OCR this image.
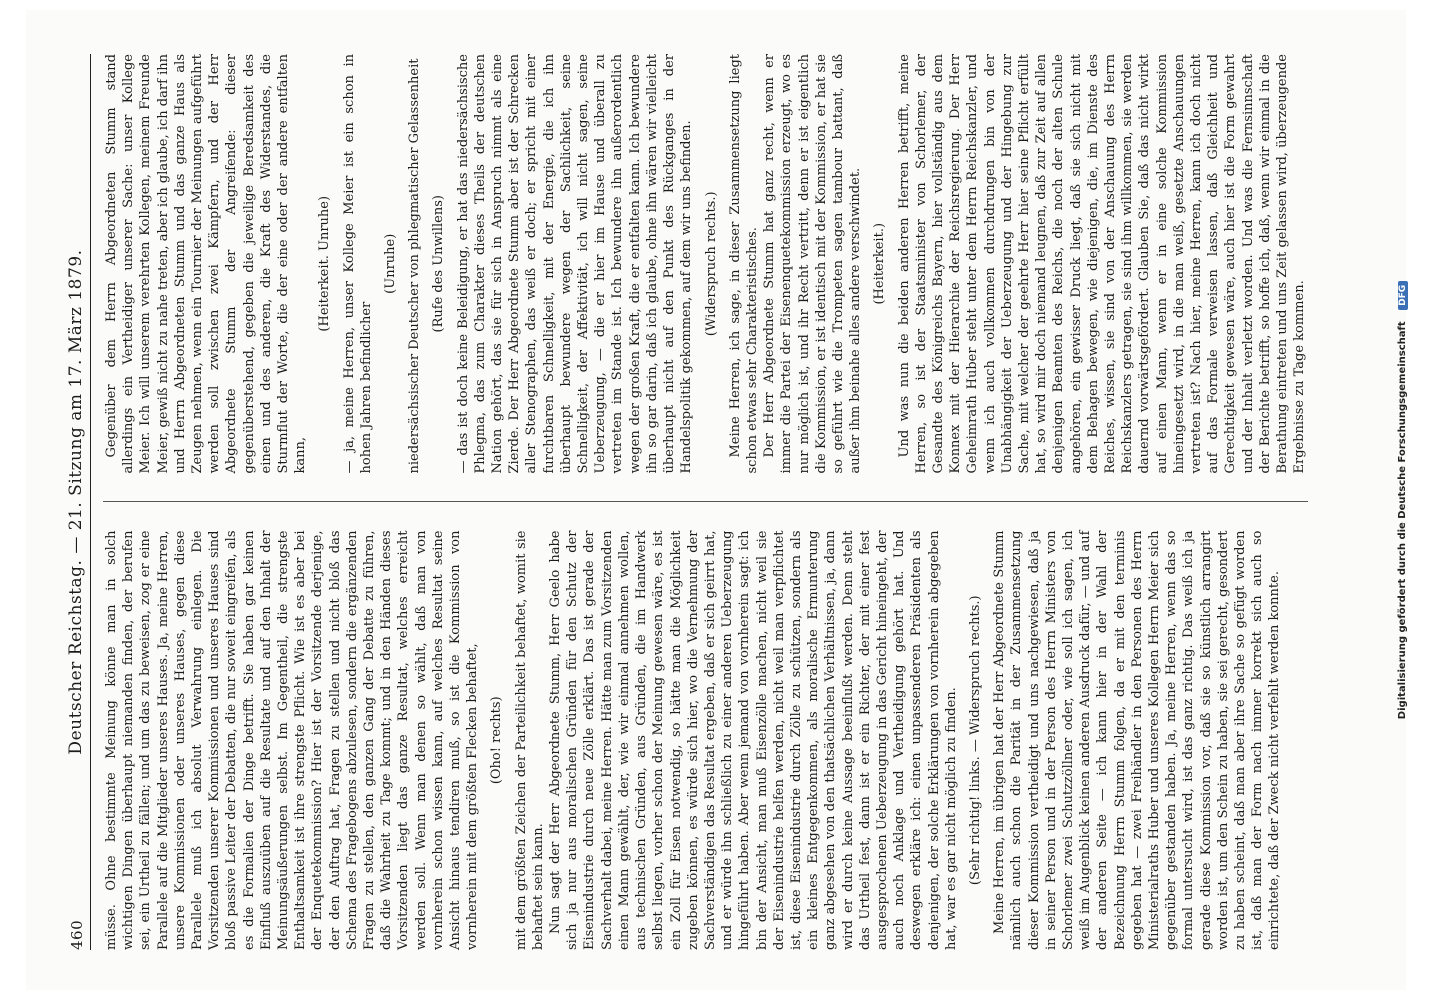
460
Deutscher Reichstag. — 21. Sitzung am 17. März 1879. müsse. Ohne bestimmte Meinung könne man in solch wichtigen Dingen überhaupt niemanden finden, der berufen sei, ein Urtheil zu fällen; und um das zu beweisen, zog er eine Parallele auf die Mitglieder unseres Hauses. Ja, meine Herren, unsere Kommissionen oder unseres Hauses, gegen diese Parallele muß ich absolut Verwahrung einlegen. Die Vorsitzenden unserer Kommissionen und unseres Hauses sind bloß passive Leiter der Debatten, die nur soweit eingreifen, als es die Formalien der Dinge betrifft. Sie haben gar keinen Einfluß auszuüben auf die Resultate und auf den Inhalt der Meinungsäußerungen selbst. Im Gegentheil, die strengste Enthaltsamkeit ist ihre strengste Pflicht. Wie ist es aber bei der Enquetekommission? Hier ist der Vorsitzende derjenige, der den Auftrag hat, Fragen zu stellen und nicht bloß das Schema des Fragebogens abzulesen, sondern die ergänzenden Fragen zu stellen, den ganzen Gang der Debatte zu führen, daß die Wahrheit zu Tage kommt; und in den Händen dieses Vorsitzenden liegt das ganze Resultat, welches erreicht werden soll. Wenn man denen so wählt, daß man von vornherein schon wissen kann, auf welches Resultat seine Ansicht hinaus tendiren muß, so ist die Kommission von vornherein mit dem größten Flecken behaftet, (Oho! rechts) mit dem größten Zeichen der Parteilichkeit behaftet, womit sie behaftet sein kann. Nun sagt der Herr Abgeordnete Stumm, Herr Geelo habe sich ja nur aus moralischen Gründen für den Schutz der Eisenindustrie durch neue Zölle erklärt. Das ist gerade der Sachverhalt dabei, meine Herren. Hätte man zum Vorsitzenden einen Mann gewählt, der, wie wir einmal annehmen wollen, aus technischen Gründen, aus Gründen, die im Handwerk selbst liegen, vorher schon der Meinung gewesen wäre, es ist ein Zoll für Eisen notwendig, so hätte man die Möglichkeit zugeben können, es würde sich hier, wo die Vernehmung der Sachverständigen das Resultat ergeben, daß er sich geirrt hat, und er würde ihn schließlich zu einer anderen Ueberzeugung hingeführt haben. Aber wenn jemand von vornherein sagt: ich bin der Ansicht, man muß Eisenzölle machen, nicht weil sie der Eisenindustrie helfen werden, nicht weil man verpflichtet ist, diese Eisenindustrie durch Zölle zu schützen, sondern als ein kleines Entgegenkommen, als moralische Ermunterung ganz abgesehen von den thatsächlichen Verhältnissen, ja, dann wird er durch keine Aussage beeinflußt werden. Denn steht das Urtheil fest, dann ist er ein Richter, der mit einer fest ausgesprochenen Ueberzeugung in das Gericht hineingeht, der auch noch Anklage und Vertheidigung gehört hat. Und deswegen erkläre ich: einen unpassenderen Präsidenten als denjenigen, der solche Erklärungen von vornherein abgegeben hat, war es gar nicht möglich zu finden. (Sehr richtig! links. — Widerspruch rechts.) Meine Herren, im übrigen hat der Herr Abgeordnete Stumm nämlich auch schon die Parität in der Zusammensetzung dieser Kommission vertheidigt und uns nachgewiesen, daß ja in seiner Person und in der Person des Herrn Ministers von Schorlemer zwei Schutzzöllner oder, wie soll ich sagen, ich weiß im Augenblick keinen anderen Ausdruck dafür, — und auf der anderen Seite — ich kann hier in der Wahl der Bezeichnung Herrn Stumm folgen, da er mit den terminis gegeben hat — zwei Freihändler in den Personen des Herrn Ministerialraths Huber und unseres Kollegen Herrn Meier sich gegenüber gestanden haben. Ja, meine Herren, wenn das so formal untersucht wird, ist das ganz richtig. Das weiß ich ja gerade diese Kommission vor, daß sie so künstlich arrangirt worden ist, um den Schein zu haben, sie sei gerecht, gesondert zu haben scheint, daß man aber ihre Sache so gefügt worden ist, daß man der Form nach immer korrekt sich auch so einrichtete, daß der Zweck nicht verfehlt werden konnte.

Gegenüber dem Herrn Abgeordneten Stumm stand allerdings ein Vertheidiger unserer Sache: unser Kollege Meier. Ich will unserem verehrten Kollegen, meinem Freunde Meier, gewiß nicht zu nahe treten, aber ich glaube, ich darf ihn und Herrn Abgeordneten Stumm und das ganze Haus als Zeugen nehmen, wenn ein Tournier der Meinungen aufgeführt werden soll zwischen zwei Kämpfern, und der Herr Abgeordnete Stumm der Angreifende: dieser gegenüberstehend, gegeben die jeweilige Beredsamkeit des einen und des anderen, die Kraft des Widerstandes, die Sturmflut der Worte, die der eine oder der andere entfalten kann,

(Heiterkeit. Unruhe) — ja, meine Herren, unser Kollege Meier ist ein schon in hohen Jahren befindlicher

(Unruhe) niedersächsischer Deutscher von phlegmatischer Gelassenheit (Rufe des Unwillens) — das ist doch keine Beleidigung, er hat das niedersächsische Phlegma, das zum Charakter dieses Theils der deutschen Nation gehört, das sie für sich in Anspruch nimmt als eine Zierde. Der Herr Abgeordnete Stumm aber ist der Schrecken aller Stenographen, das weiß er doch; er spricht mit einer furchtbaren Schnelligkeit, mit der Energie, die ich ihn überhaupt bewundere wegen der Sachlichkeit, seine Schnelligkeit, der Affektivität, ich will nicht sagen, seine Ueberzeugung, — die er hier im Hause und überall zu vertreten im Stande ist. Ich bewundere ihn außerordentlich wegen der großen Kraft, die er entfalten kann. Ich bewundere ihn so gar darin, daß ich glaube, ohne ihn wären wir vielleicht überhaupt nicht auf den Punkt des Rückganges in der Handelspolitik gekommen, auf dem wir uns befinden. (Widerspruch rechts.) Meine Herren, ich sage, in dieser Zusammensetzung liegt schon etwas sehr Charakteristisches. Der Herr Abgeordnete Stumm hat ganz recht, wenn er immer die Partei der Eisenenquetekommission erzeugt, wo es nur möglich ist, und ihr Recht vertritt, denn er ist eigentlich die Kommission, er ist identisch mit der Kommission, er hat sie so geführt wie die Trompeten sagen tambour battant, daß außer ihm beinahe alles andere verschwindet. (Heiterkeit.) Und was nun die beiden anderen Herren betrifft, meine Herren, so ist der Staatsminister von Schorlemer, der Gesandte des Königreichs Bayern, hier vollständig aus dem Konnex mit der Hierarchie der Reichsregierung. Der Herr Geheimrath Huber steht unter dem Herrn Reichskanzler, und wenn ich auch vollkommen durchdrungen bin von der Unabhängigkeit der Ueberzeugung und der Hingebung zur Sache, mit welcher der geehrte Herr hier seine Pflicht erfüllt hat, so wird mir doch niemand leugnen, daß zur Zeit auf allen denjenigen Beamten des Reichs, die noch der alten Schule angehören, ein gewisser Druck liegt, daß sie sich nicht mit dem Behagen bewegen, wie diejenigen, die, im Dienste des Reiches, wissen, sie sind von der Anschauung des Herrn Reichskanzlers getragen, sie sind ihm willkommen, sie werden dauernd vorwärtsgefördert. Glauben Sie, daß das nicht wirkt auf einen Mann, wenn er in eine solche Kommission hineingesetzt wird, in die man weiß, gesetzte Anschauungen vertreten ist? Nach hier, meine Herren, kann ich doch nicht auf das Formale verweisen lassen, daß Gleichheit und Gerechtigkeit gewesen wäre, auch hier ist die Form gewahrt und der Inhalt verletzt worden. Und was die Fernsinnschaft der Berichte betrifft, so hoffe ich, daß, wenn wir einmal in die Berathung eintreten und uns Zeit gelassen wird, überzeugende Ergebnisse zu Tage kommen.	Digitalisierung gefördert durch die Deutsche Forschungsgemeinschaft DFG
